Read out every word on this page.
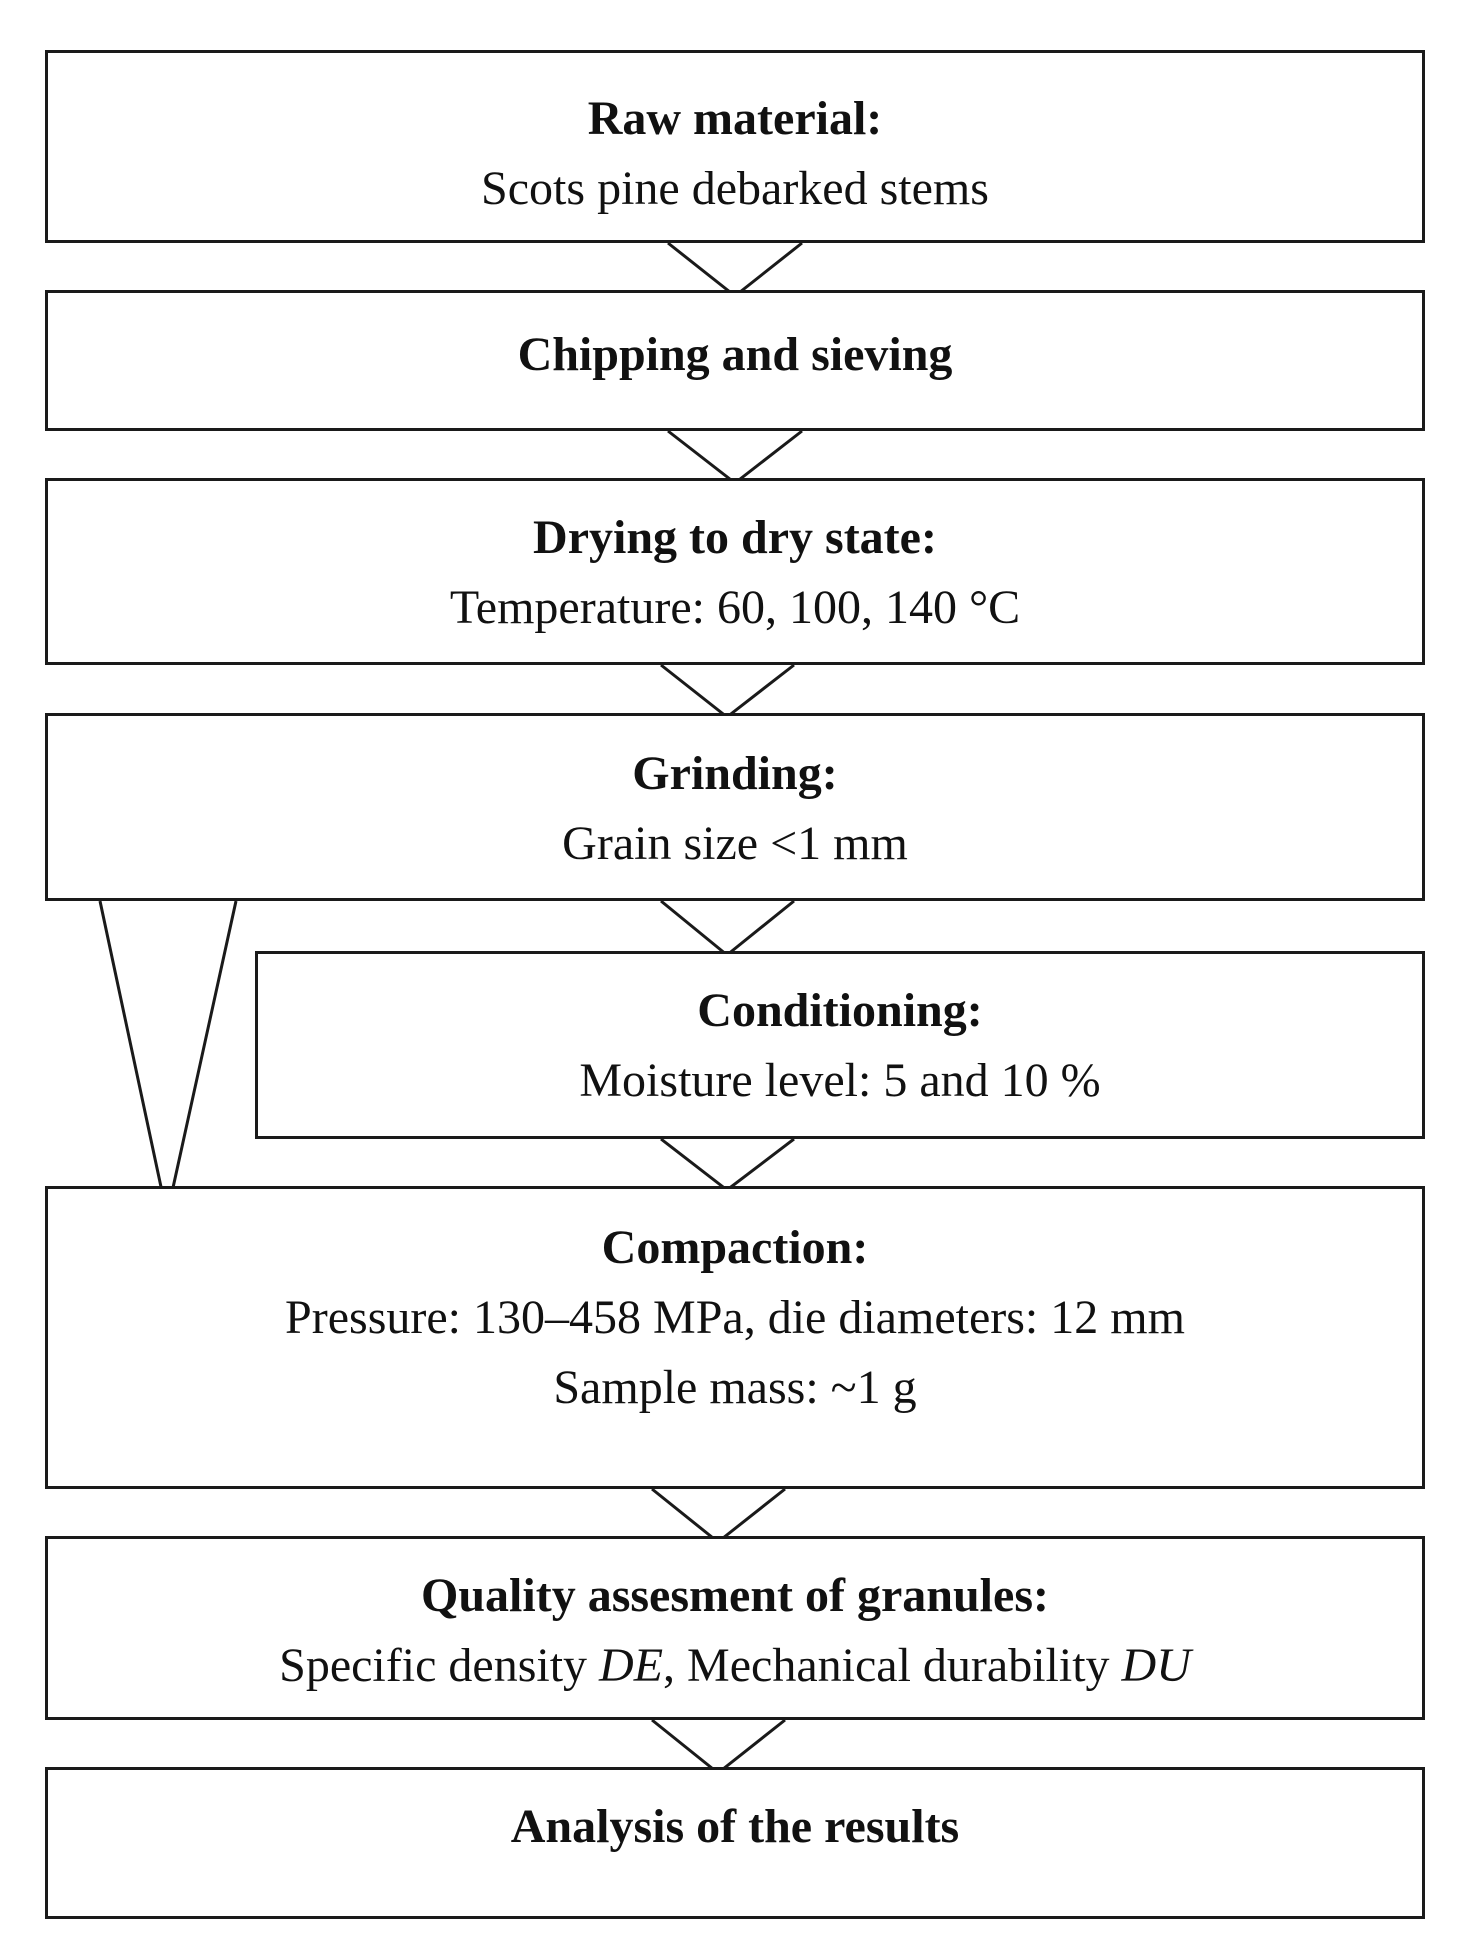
Raw material:
Scots pine debarked stems
Chipping and sieving
Drying to dry state:
Temperature: 60, 100, 140 °C
Grinding:
Grain size <1 mm
Conditioning:
Moisture level: 5 and 10 %
Compaction:
Pressure: 130–458 MPa, die diameters: 12 mm
Sample mass: ~1 g
Quality assesment of granules:
Specific density DE, Mechanical durability DU
Analysis of the results
